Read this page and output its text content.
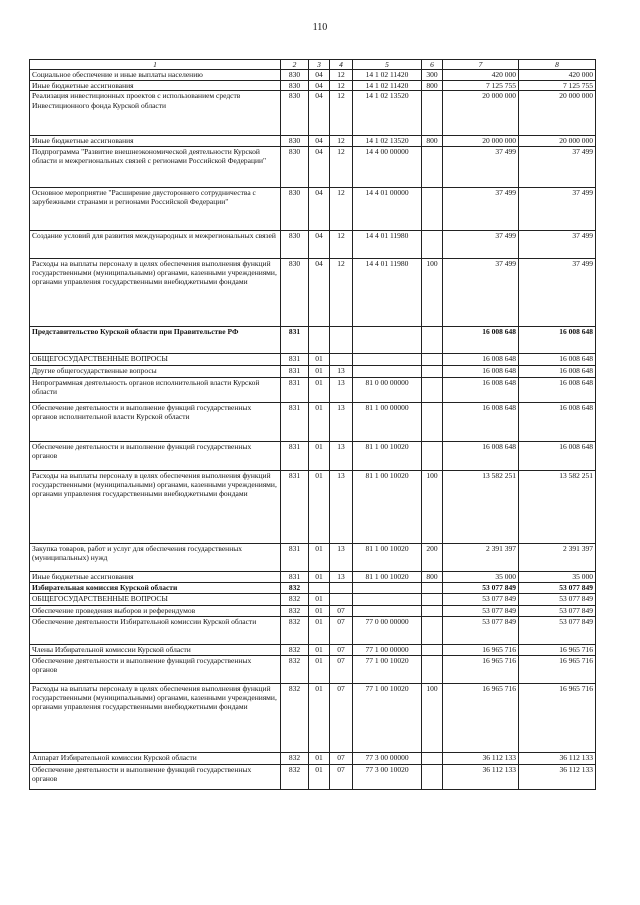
110
1	2	3	4	5	6	7	8
Социальное обеспечение и иные выплаты населению	830	04	12	14 1 02 11420	300	420 000	420 000
Иные бюджетные ассигнования	830	04	12	14 1 02 11420	800	7 125 755	7 125 755
Реализация инвестиционных проектов с использованием средств Инвестиционного фонда Курской области	830	04	12	14 1 02 13520		20 000 000	20 000 000
Иные бюджетные ассигнования	830	04	12	14 1 02 13520	800	20 000 000	20 000 000
Подпрограмма "Развитие внешнеэкономической деятельности Курской области и межрегиональных связей с регионами Российской Федерации"	830	04	12	14 4 00 00000		37 499	37 499
Основное мероприятие "Расширение двустороннего сотрудничества с зарубежными странами и регионами Российской Федерации"	830	04	12	14 4 01 00000		37 499	37 499
Создание условий для развития международных и межрегиональных связей	830	04	12	14 4 01 11980		37 499	37 499
Расходы на выплаты персоналу в целях обеспечения выполнения функций государственными (муниципальными) органами, казенными учреждениями, органами управления государственными внебюджетными фондами	830	04	12	14 4 01 11980	100	37 499	37 499
Представительство Курской области при Правительстве РФ	831					16 008 648	16 008 648
ОБЩЕГОСУДАРСТВЕННЫЕ ВОПРОСЫ	831	01				16 008 648	16 008 648
Другие общегосударственные вопросы	831	01	13			16 008 648	16 008 648
Непрограммная деятельность органов исполнительной власти Курской области	831	01	13	81 0 00 00000		16 008 648	16 008 648
Обеспечение деятельности и выполнение функций государственных органов исполнительной власти Курской области	831	01	13	81 1 00 00000		16 008 648	16 008 648
Обеспечение деятельности и выполнение функций государственных органов	831	01	13	81 1 00 10020		16 008 648	16 008 648
Расходы на выплаты персоналу в целях обеспечения выполнения функций государственными (муниципальными) органами, казенными учреждениями, органами управления государственными внебюджетными фондами	831	01	13	81 1 00 10020	100	13 582 251	13 582 251
Закупка товаров, работ и услуг для обеспечения государственных (муниципальных) нужд	831	01	13	81 1 00 10020	200	2 391 397	2 391 397
Иные бюджетные ассигнования	831	01	13	81 1 00 10020	800	35 000	35 000
Избирательная комиссия Курской области	832					53 077 849	53 077 849
ОБЩЕГОСУДАРСТВЕННЫЕ ВОПРОСЫ	832	01				53 077 849	53 077 849
Обеспечение проведения выборов и референдумов	832	01	07			53 077 849	53 077 849
Обеспечение деятельности Избирательной комиссии Курской области	832	01	07	77 0 00 00000		53 077 849	53 077 849
Члены Избирательной комиссии Курской области	832	01	07	77 1 00 00000		16 965 716	16 965 716
Обеспечение деятельности и выполнение функций государственных органов	832	01	07	77 1 00 10020		16 965 716	16 965 716
Расходы на выплаты персоналу в целях обеспечения выполнения функций государственными (муниципальными) органами, казенными учреждениями, органами управления государственными внебюджетными фондами	832	01	07	77 1 00 10020	100	16 965 716	16 965 716
Аппарат Избирательной комиссии Курской области	832	01	07	77 3 00 00000		36 112 133	36 112 133
Обеспечение деятельности и выполнение функций государственных органов	832	01	07	77 3 00 10020		36 112 133	36 112 133
